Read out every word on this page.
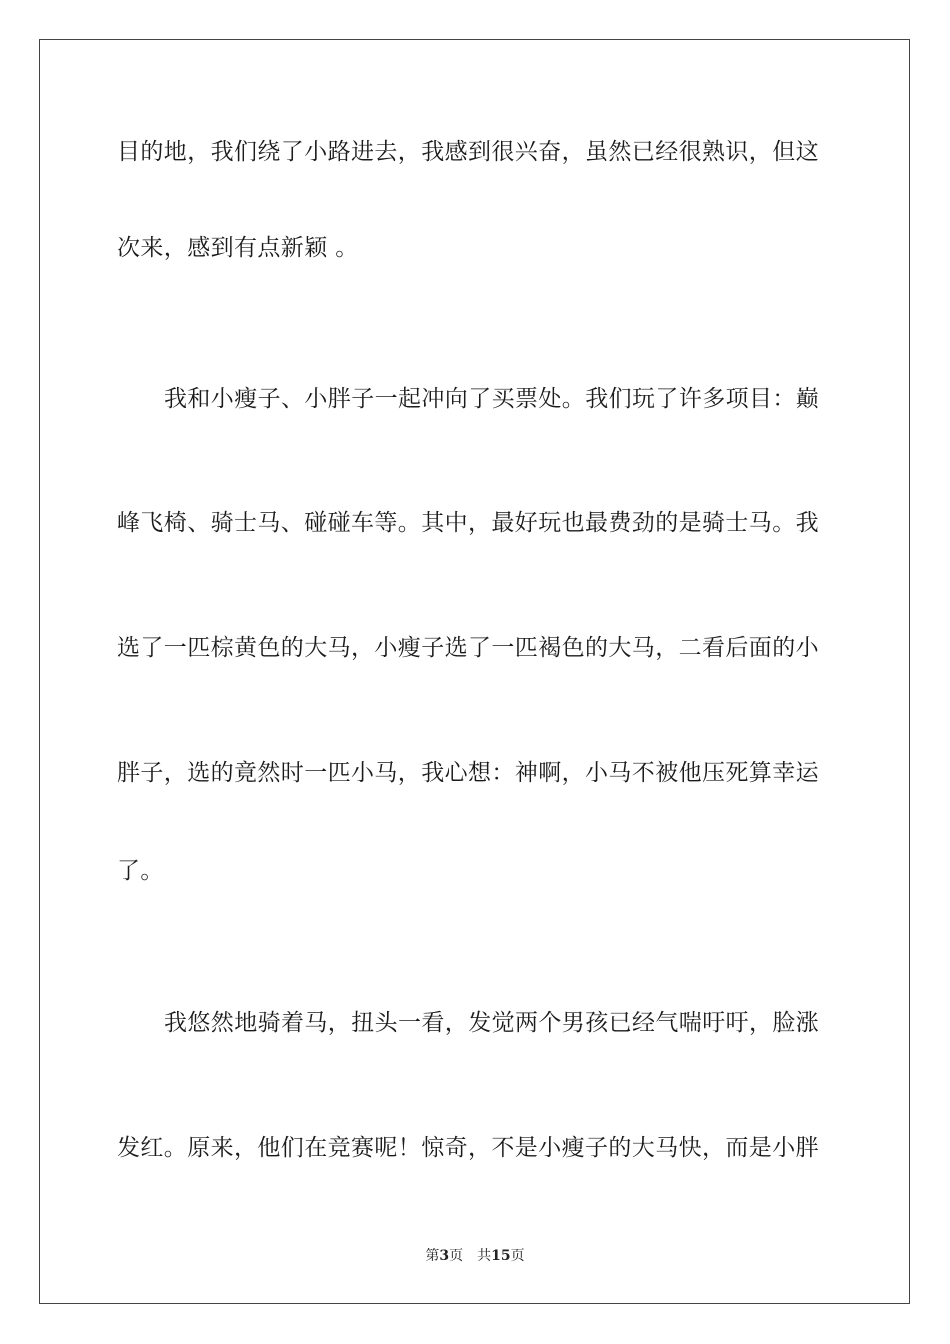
目的地，我们绕了小路进去，我感到很兴奋，虽然已经很熟识，但这
次来，感到有点新颖 。
我和小瘦子、小胖子一起冲向了买票处。我们玩了许多项目：巅
峰飞椅、骑士马、碰碰车等。其中，最好玩也最费劲的是骑士马。我
选了一匹棕黄色的大马，小瘦子选了一匹褐色的大马，二看后面的小
胖子，选的竟然时一匹小马，我心想：神啊，小马不被他压死算幸运
了。
我悠然地骑着马，扭头一看，发觉两个男孩已经气喘吁吁，脸涨
发红。原来，他们在竞赛呢！惊奇，不是小瘦子的大马快，而是小胖
第3页 共15页
